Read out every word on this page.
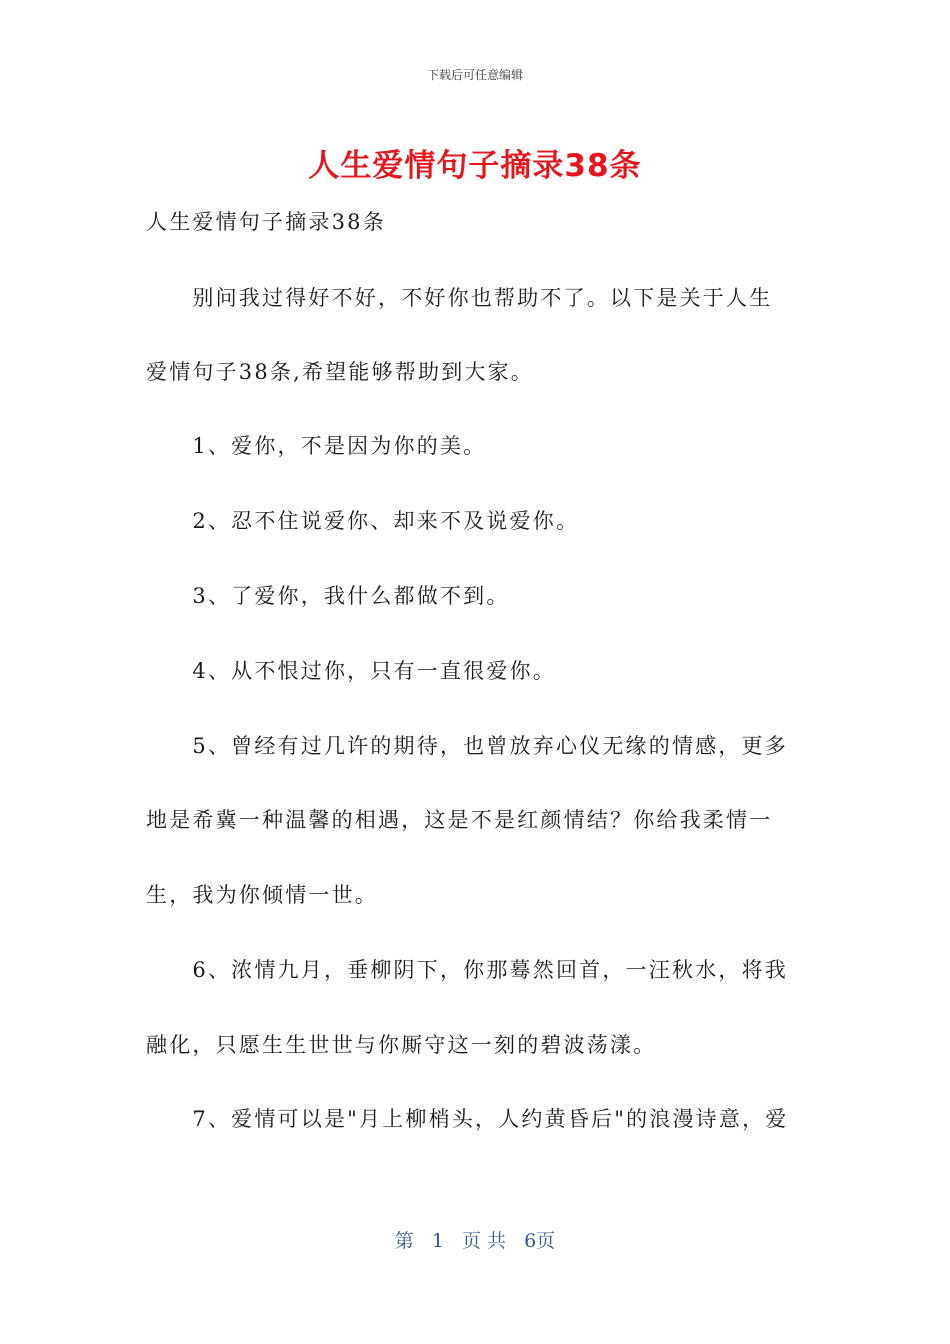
下载后可任意编辑
人生爱情句子摘录38条
人生爱情句子摘录38条
　　别问我过得好不好，不好你也帮助不了。以下是关于人生
爱情句子38条,希望能够帮助到大家。
　　1、爱你，不是因为你的美。
　　2、忍不住说爱你、却来不及说爱你。
　　3、了爱你，我什么都做不到。
　　4、从不恨过你，只有一直很爱你。
　　5、曾经有过几许的期待，也曾放弃心仪无缘的情感，更多
地是希冀一种温馨的相遇，这是不是红颜情结？你给我柔情一
生，我为你倾情一世。
　　6、浓情九月，垂柳阴下，你那蓦然回首，一汪秋水，将我
融化，只愿生生世世与你厮守这一刻的碧波荡漾。
　　7、爱情可以是"月上柳梢头，人约黄昏后"的浪漫诗意，爱
第 1 页 共 6页
